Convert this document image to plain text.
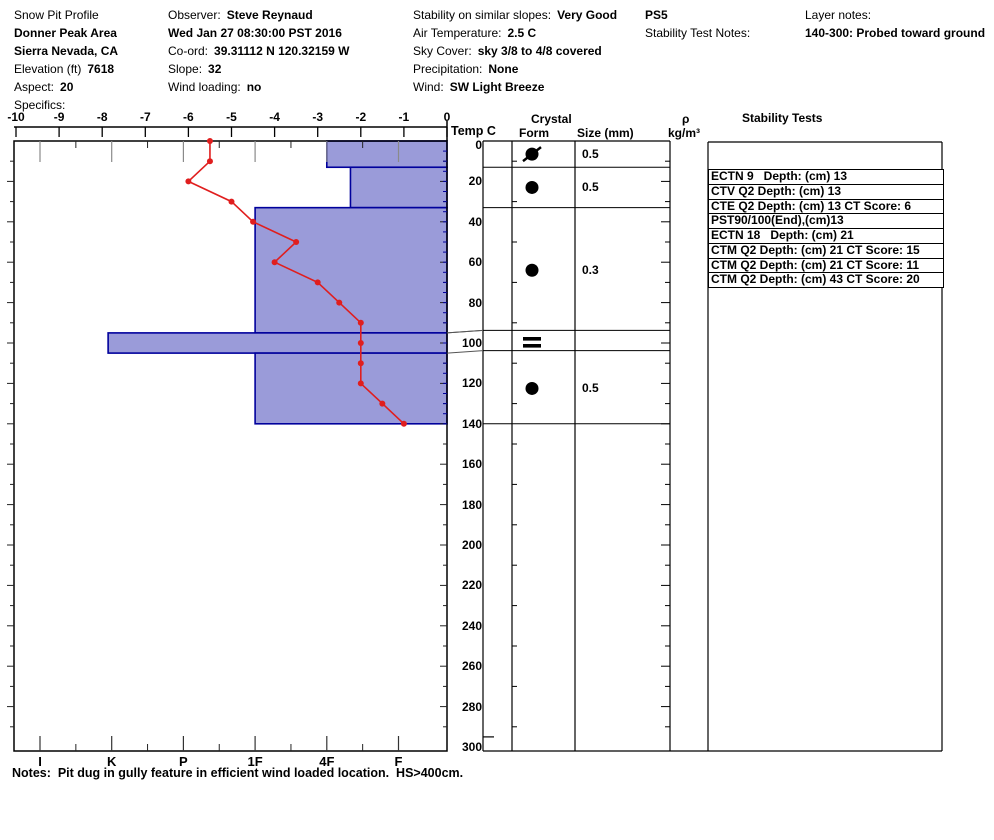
Snow Pit Profile
Donner Peak Area
Sierra Nevada, CA
Elevation (ft) 7618
Aspect: 20
Specifics:
Observer: Steve Reynaud
Wed Jan 27 08:30:00 PST 2016
Co-ord: 39.31112 N 120.32159 W
Slope: 32
Wind loading: no
Stability on similar slopes: Very Good
Air Temperature: 2.5 C
Sky Cover: sky 3/8 to 4/8 covered
Precipitation: None
Wind: SW Light Breeze
PS5
Stability Test Notes:
Layer notes:
140-300: Probed toward ground
Temp C
Crystal
Form Size (mm)
ρ
kg/m³
Stability Tests
-10 -9	-8	-7	-6	-5	-4	-3	-2	-1	0
I	K	P	1F	4F	F
0
20
40
60
80
100
120
140
160
180
200
220
240
260
280
300
0.5
0.5
0.3
0.5
ECTN 9   Depth: (cm) 13
CTV Q2 Depth: (cm) 13
CTE Q2 Depth: (cm) 13 CT Score: 6
PST90/100(End),(cm)13
ECTN 18   Depth: (cm) 21
CTM Q2 Depth: (cm) 21 CT Score: 15
CTM Q2 Depth: (cm) 21 CT Score: 11
CTM Q2 Depth: (cm) 43 CT Score: 20
Notes:  Pit dug in gully feature in efficient wind loaded location.  HS>400cm.
